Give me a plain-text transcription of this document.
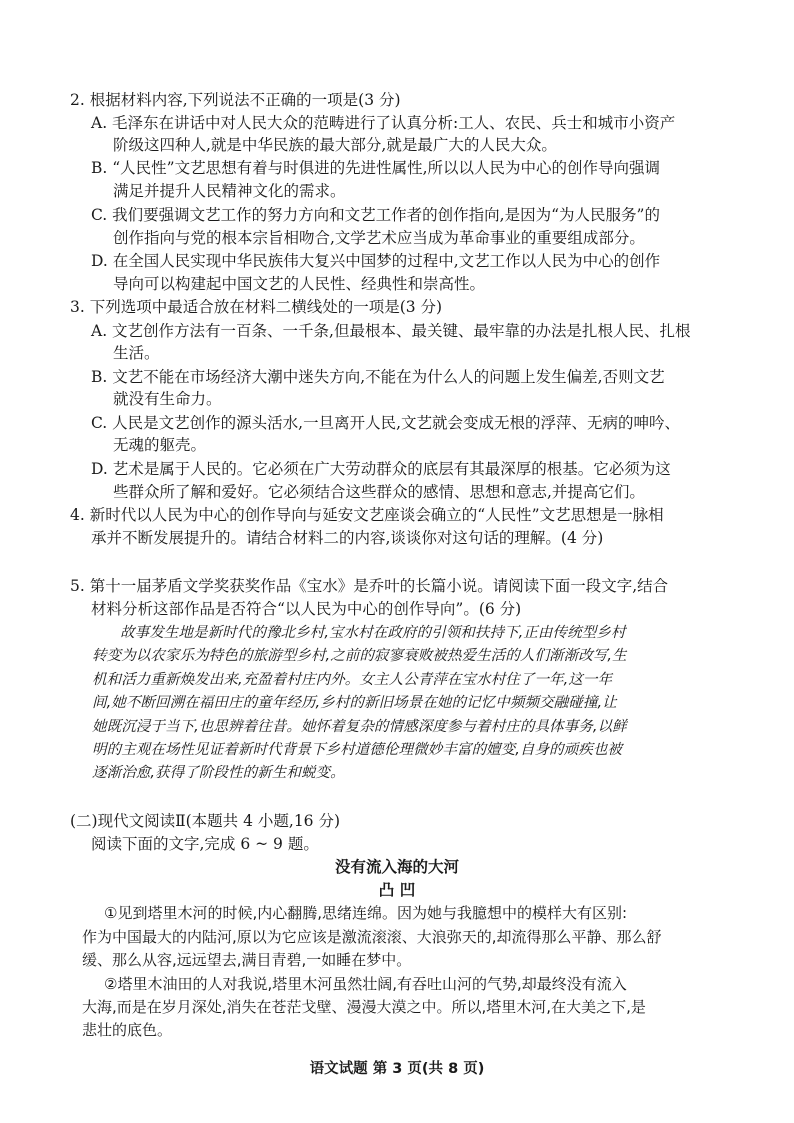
2. 根据材料内容,下列说法不正确的一项是(3 分)
A. 毛泽东在讲话中对人民大众的范畴进行了认真分析:工人、农民、兵士和城市小资产
阶级这四种人,就是中华民族的最大部分,就是最广大的人民大众。
B. “人民性”文艺思想有着与时俱进的先进性属性,所以以人民为中心的创作导向强调
满足并提升人民精神文化的需求。
C. 我们要强调文艺工作的努力方向和文艺工作者的创作指向,是因为“为人民服务”的
创作指向与党的根本宗旨相吻合,文学艺术应当成为革命事业的重要组成部分。
D. 在全国人民实现中华民族伟大复兴中国梦的过程中,文艺工作以人民为中心的创作
导向可以构建起中国文艺的人民性、经典性和崇高性。
3. 下列选项中最适合放在材料二横线处的一项是(3 分)
A. 文艺创作方法有一百条、一千条,但最根本、最关键、最牢靠的办法是扎根人民、扎根
生活。
B. 文艺不能在市场经济大潮中迷失方向,不能在为什么人的问题上发生偏差,否则文艺
就没有生命力。
C. 人民是文艺创作的源头活水,一旦离开人民,文艺就会变成无根的浮萍、无病的呻吟、
无魂的躯壳。
D. 艺术是属于人民的。它必须在广大劳动群众的底层有其最深厚的根基。它必须为这
些群众所了解和爱好。它必须结合这些群众的感情、思想和意志,并提高它们。
4. 新时代以人民为中心的创作导向与延安文艺座谈会确立的“人民性”文艺思想是一脉相
承并不断发展提升的。请结合材料二的内容,谈谈你对这句话的理解。(4 分)
5. 第十一届茅盾文学奖获奖作品《宝水》是乔叶的长篇小说。请阅读下面一段文字,结合
材料分析这部作品是否符合“以人民为中心的创作导向”。(6 分)
故事发生地是新时代的豫北乡村,宝水村在政府的引领和扶持下,正由传统型乡村
转变为以农家乐为特色的旅游型乡村,之前的寂寥衰败被热爱生活的人们渐渐改写,生
机和活力重新焕发出来,充盈着村庄内外。女主人公青萍在宝水村住了一年,这一年
间,她不断回溯在福田庄的童年经历,乡村的新旧场景在她的记忆中频频交融碰撞,让
她既沉浸于当下,也思辨着往昔。她怀着复杂的情感深度参与着村庄的具体事务,以鲜
明的主观在场性见证着新时代背景下乡村道德伦理微妙丰富的嬗变,自身的顽疾也被
逐渐治愈,获得了阶段性的新生和蜕变。
(二)现代文阅读Ⅱ(本题共 4 小题,16 分)
阅读下面的文字,完成 6 ~ 9 题。
没有流入海的大河
凸 凹
①见到塔里木河的时候,内心翻腾,思绪连绵。因为她与我臆想中的模样大有区别:
作为中国最大的内陆河,原以为它应该是激流滚滚、大浪弥天的,却流得那么平静、那么舒
缓、那么从容,远远望去,满目青碧,一如睡在梦中。
②塔里木油田的人对我说,塔里木河虽然壮阔,有吞吐山河的气势,却最终没有流入
大海,而是在岁月深处,消失在苍茫戈壁、漫漫大漠之中。所以,塔里木河,在大美之下,是
悲壮的底色。
语文试题 第 3 页(共 8 页)
